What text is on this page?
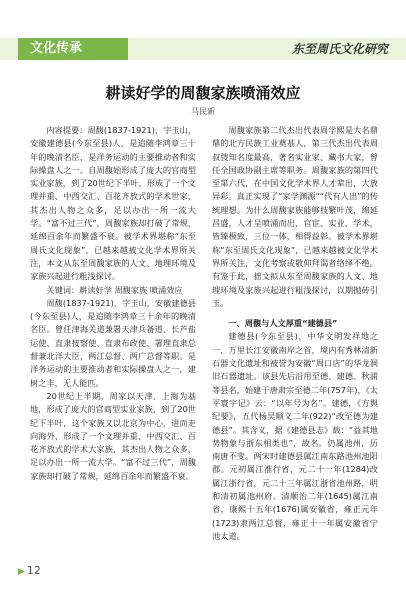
文化传承	东至周氏文化研究
耕读好学的周馥家族喷涌效应
马民新

内容提要：周馥(1837-1921)，字玉山，安徽建德县(今东至县)人，是追随李鸿章三十年的晚清名臣，是洋务运动的主要推动者和实际操盘人之一。自周馥始形成了庞大的官商型实业家族，到了20世纪下半叶，形成了一个文理并重、中西交汇、百花齐放式的学术世家，其杰出人物之众多，足以办出一所一流大学。“富不过三代”，周馥家族却打破了常规，延绵百余年而繁盛不衰。被学术界堪称“东至周氏文化现象”，已越来越被文化学术界所关注，本文从东至周馥家族的人文、地理环境及家族兴起进行粗浅探讨。

关键词：耕读好学 周馥家族 喷涌效应

周馥(1837-1921)，字玉山，安徽建德县(今东至县)人，是追随李鸿章三十余年的晚清名臣。曾任津海关道兼署天津兵备道、长芦盐运使、直隶按察使、直隶布政使、署理直隶总督兼北洋大臣，两江总督、两广总督等职。是洋务运动的主要推动者和实际操盘人之一，建树之丰，无人能匹。

20世纪上半期，周家以天津、上海为基地，形成了庞大的官商型实业家族，到了20世纪下半叶，这个家族又以北京为中心，进而走向海外，形成了一个文理并重、中西交汇、百花齐放式的学术大家族，其杰出人物之众多，足以办出一所一流大学。“富不过三代”，周馥家族却打破了常规，延绵百余年而繁盛不衰。

周馥家族第二代杰出代表周学熙是大名鼎鼎的北方民族工业奠基人，第三代杰出代表周叔弢知名度最高，著名实业家、藏书大家，曾任全国政协副主席等职务。周馥家族的第四代至第六代，在中国文化学术界人才辈出，大放异彩。真正实现了“家学渊源”“代有人出”的传统理想。为什么周馥家族能够枝繁叶茂，绵延昌盛，人才呈喷涌而出，官宦、实业、学术，皆臻极致，三位一体，相得益彰。被学术界堪称“东至周氏文化现象”，已越来越被文化学术界所关注，文化考察或敬仰拜谒者络绎不绝。有鉴于此，拙文拟从东至周馥家族的人文、地理环境及家族兴起进行粗浅探讨，以期抛砖引玉。

一、周馥与人文厚重“建德县”

建德县(今东至县)，中华文明发祥地之一，万里长江安徽南岸之首，境内有秀林清新石器文化遗址和被誉为安徽“周口店”的华龙洞旧石器遗址。该县先后沿用至德、建德、秋浦等县名，始建于唐肃宗至德二年(757年)，《太平寰宇记》云：“以年号为名”。建德，《方舆纪要》，五代杨吴顺义二年(922)“改至德为建德县”。其含义，据《建德县志》载：“益其地势物象与浙东相类也”，故名。仍属池州，历南唐不变。两宋时建德县属江南东路池州池阳郡。元初属江淮行省，元二十一年(1284)改属江浙行省，元二十三年属江浙省池州路，明和清初属池州府。清顺治二年(1645)属江南省，康熙十五年(1676)属安徽省，雍正元年(1723)隶两江总督，雍正十一年属安徽省宁池太道。

▶ 12
